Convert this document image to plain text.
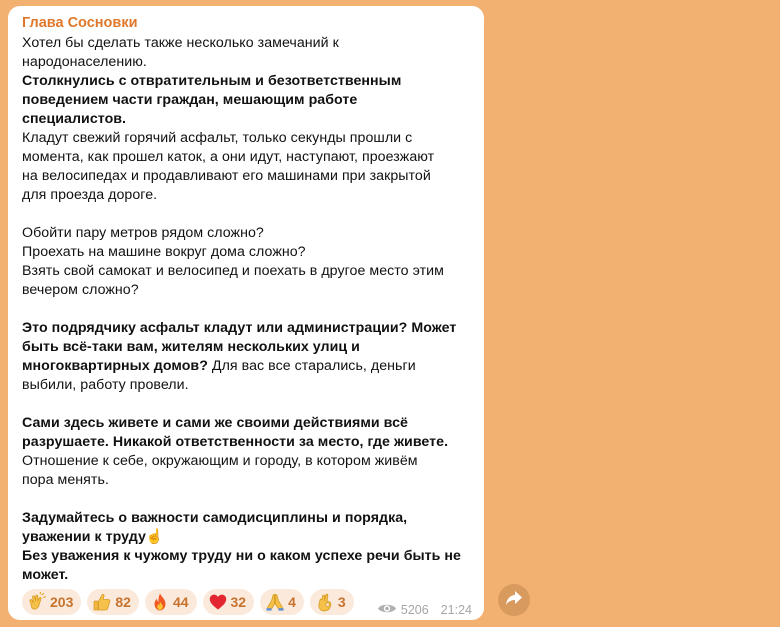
Глава Сосновки
Хотел бы сделать также несколько замечаний к
народонаселению.
Столкнулись с отвратительным и безответственным
поведением части граждан, мешающим работе
специалистов.
Кладут свежий горячий асфальт, только секунды прошли с
момента, как прошел каток, а они идут, наступают, проезжают
на велосипедах и продавливают его машинами при закрытой
для проезда дороге.
Обойти пару метров рядом сложно?
Проехать на машине вокруг дома сложно?
Взять свой самокат и велосипед и поехать в другое место этим
вечером сложно?
Это подрядчику асфальт кладут или администрации? Может
быть всё-таки вам, жителям нескольких улиц и
многоквартирных домов? Для вас все старались, деньги
выбили, работу провели.
Сами здесь живете и сами же своими действиями всё
разрушаете. Никакой ответственности за место, где живете.
Отношение к себе, окружающим и городу, в котором живём
пора менять.
Задумайтесь о важности самодисциплины и порядка,
уважении к труду☝️
Без уважения к чужому труду ни о каком успехе речи быть не
может.
203	82	44	32	4	3	5206 21:24
